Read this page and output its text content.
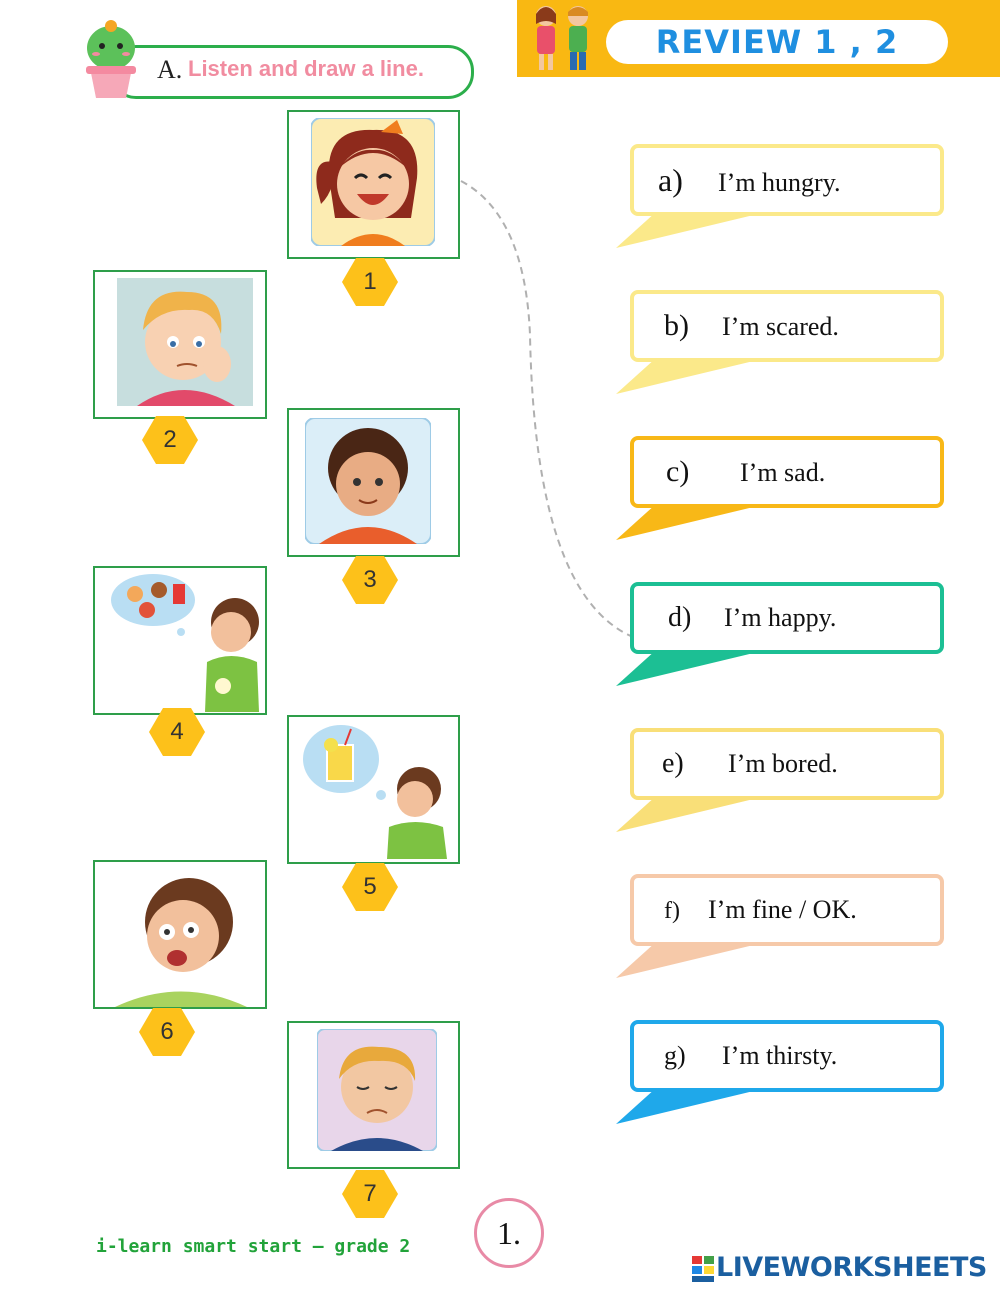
REVIEW 1 , 2
A. Listen and draw a line.
1
2
3
4
5
6
7
a) I’m hungry.
b) I’m scared.
c) I’m sad.
d) I’m happy.
e) I’m bored.
f) I’m fine / OK.
g) I’m thirsty.
i-learn smart start – grade 2	1.
LIVEWORKSHEETS
